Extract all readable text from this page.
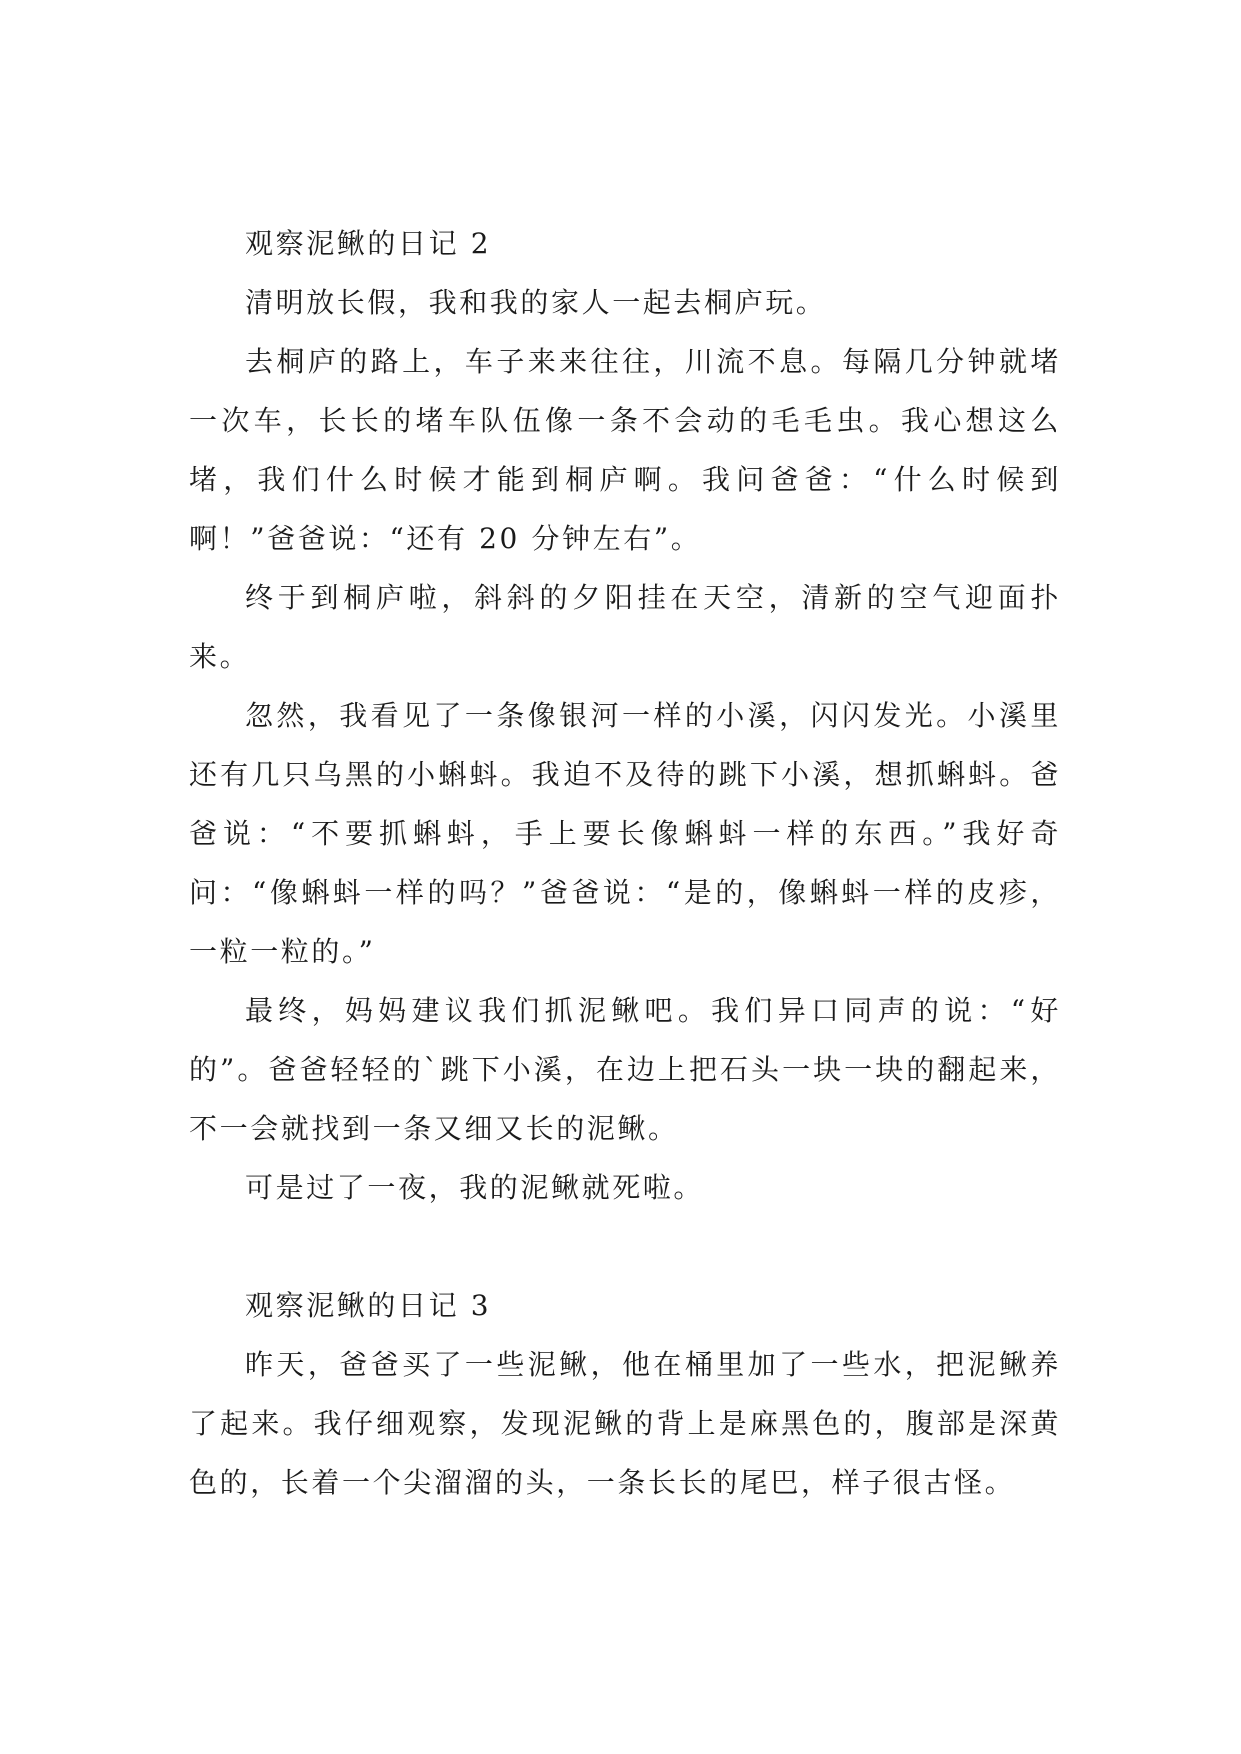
观察泥鳅的日记 2

清明放长假，我和我的家人一起去桐庐玩。

去桐庐的路上，车子来来往往，川流不息。每隔几分钟就堵一次车，长长的堵车队伍像一条不会动的毛毛虫。我心想这么堵，我们什么时候才能到桐庐啊。我问爸爸：“什么时候到啊！”爸爸说：“还有 20 分钟左右”。

终于到桐庐啦，斜斜的夕阳挂在天空，清新的空气迎面扑来。

忽然，我看见了一条像银河一样的小溪，闪闪发光。小溪里还有几只乌黑的小蝌蚪。我迫不及待的跳下小溪，想抓蝌蚪。爸爸说：“不要抓蝌蚪，手上要长像蝌蚪一样的东西。”我好奇问：“像蝌蚪一样的吗？”爸爸说：“是的，像蝌蚪一样的皮疹，一粒一粒的。”

最终，妈妈建议我们抓泥鳅吧。我们异口同声的说：“好的”。爸爸轻轻的`跳下小溪，在边上把石头一块一块的翻起来，不一会就找到一条又细又长的泥鳅。

可是过了一夜，我的泥鳅就死啦。

观察泥鳅的日记 3

昨天，爸爸买了一些泥鳅，他在桶里加了一些水，把泥鳅养了起来。我仔细观察，发现泥鳅的背上是麻黑色的，腹部是深黄色的，长着一个尖溜溜的头，一条长长的尾巴，样子很古怪。
